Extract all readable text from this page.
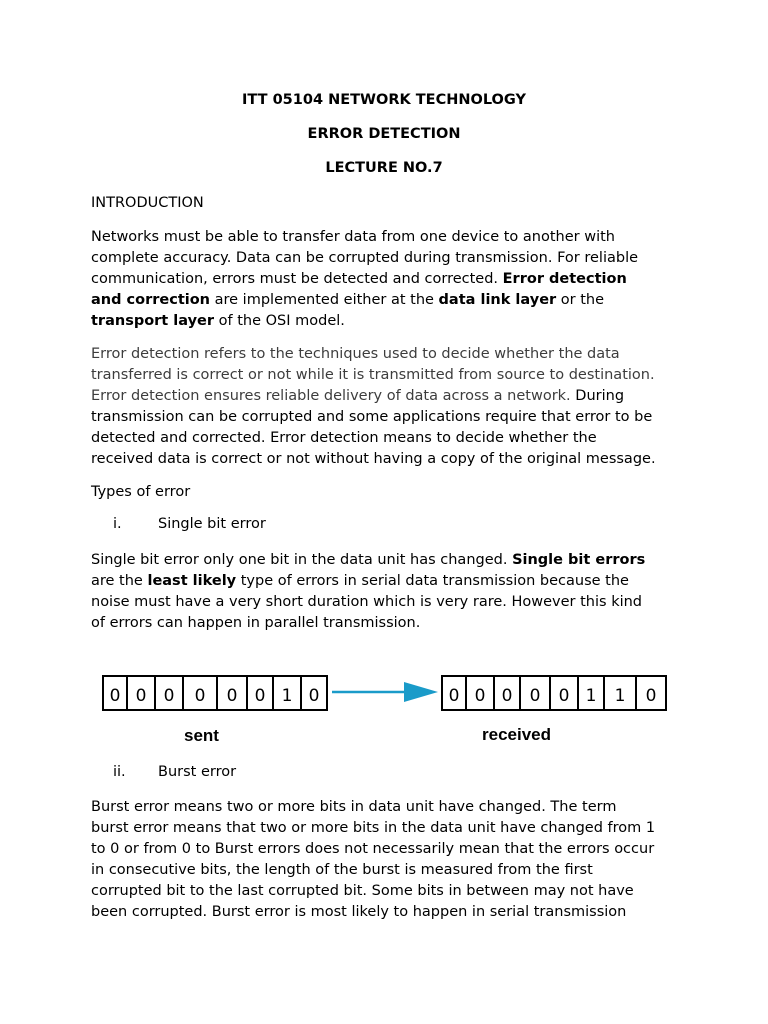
ITT 05104 NETWORK TECHNOLOGY
ERROR DETECTION
LECTURE NO.7
INTRODUCTION
Networks must be able to transfer data from one device to another with
complete accuracy. Data can be corrupted during transmission. For reliable
communication, errors must be detected and corrected. Error detection
and correction are implemented either at the data link layer or the
transport layer of the OSI model.
Error detection refers to the techniques used to decide whether the data
transferred is correct or not while it is transmitted from source to destination.
Error detection ensures reliable delivery of data across a network. During
transmission can be corrupted and some applications require that error to be
detected and corrected. Error detection means to decide whether the
received data is correct or not without having a copy of the original message.
Types of error
i.	Single bit error
Single bit error only one bit in the data unit has changed. Single bit errors
are the least likely type of errors in serial data transmission because the
noise must have a very short duration which is very rare. However this kind
of errors can happen in parallel transmission.
0 0	0	0	0	0 1 0	0 0 0	0	0 1	1	0
sent	received
ii. Burst error
Burst error means two or more bits in data unit have changed. The term
burst error means that two or more bits in the data unit have changed from 1
to 0 or from 0 to Burst errors does not necessarily mean that the errors occur
in consecutive bits, the length of the burst is measured from the first
corrupted bit to the last corrupted bit. Some bits in between may not have
been corrupted. Burst error is most likely to happen in serial transmission
